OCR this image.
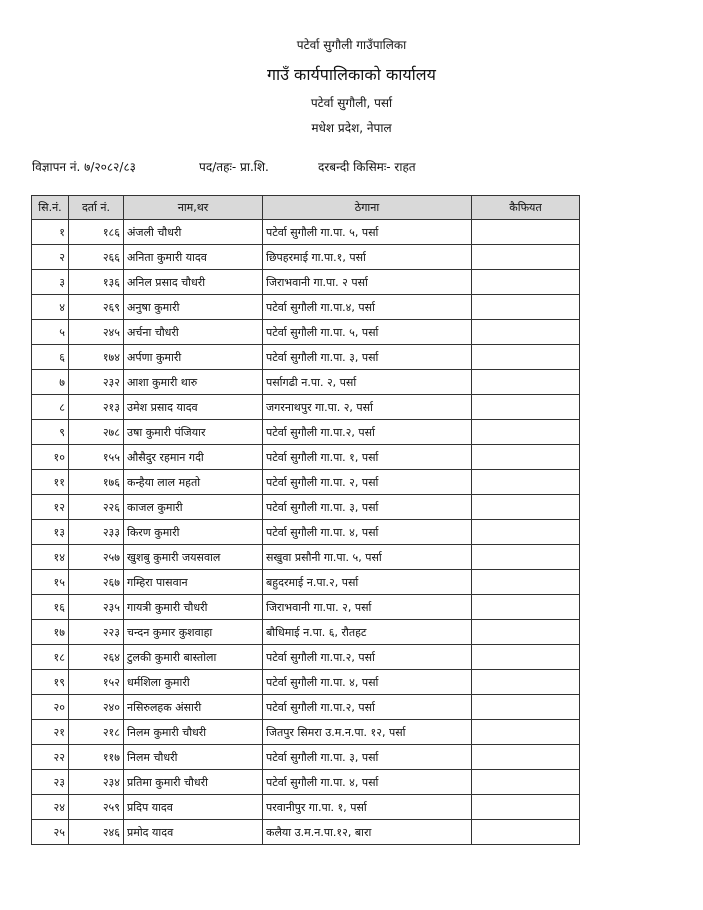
पटेर्वा सुगौली गाउँपालिका
गाउँ कार्यपालिकाको कार्यालय
पटेर्वा सुगौली, पर्सा
मधेश प्रदेश, नेपाल
विज्ञापन नं. ७/२०८२/८३	पद/तहः- प्रा.शि.	दरबन्दी किसिमः- राहत
सि.नं.	दर्ता नं.	नाम,थर	ठेगाना	कैफियत
१	१८६	अंजली चौधरी	पटेर्वा सुगौली गा.पा. ५, पर्सा	
२	२६६	अनिता कुमारी यादव	छिपहरमाई गा.पा.१, पर्सा	
३	१३६	अनिल प्रसाद चौधरी	जिराभवानी गा.पा. २ पर्सा	
४	२६९	अनुषा कुमारी	पटेर्वा सुगौली गा.पा.४, पर्सा	
५	२४५	अर्चना चौधरी	पटेर्वा सुगौली गा.पा. ५, पर्सा	
६	१७४	अर्पणा कुमारी	पटेर्वा सुगौली गा.पा. ३, पर्सा	
७	२३२	आशा कुमारी थारु	पर्सागढी न.पा. २, पर्सा	
८	२१३	उमेश प्रसाद यादव	जगरनाथपुर गा.पा. २, पर्सा	
९	२७८	उषा कुमारी पंजियार	पटेर्वा सुगौली गा.पा.२, पर्सा	
१०	१५५	औसैदुर रहमान गदी	पटेर्वा सुगौली गा.पा. १, पर्सा	
११	१७६	कन्हैया लाल महतो	पटेर्वा सुगौली गा.पा. २, पर्सा	
१२	२२६	काजल कुमारी	पटेर्वा सुगौली गा.पा. ३, पर्सा	
१३	२३३	किरण कुमारी	पटेर्वा सुगौली गा.पा. ४, पर्सा	
१४	२५७	खुशबु कुमारी जयसवाल	सखुवा प्रसौनी गा.पा. ५, पर्सा	
१५	२६७	गम्हिरा पासवान	बहुदरमाई न.पा.२, पर्सा	
१६	२३५	गायत्री कुमारी चौधरी	जिराभवानी गा.पा. २, पर्सा	
१७	२२३	चन्दन कुमार कुशवाहा	बौधिमाई न.पा. ६, रौतहट	
१८	२६४	टुलकी कुमारी बास्तोला	पटेर्वा सुगौली गा.पा.२, पर्सा	
१९	१५२	धर्मशिला कुमारी	पटेर्वा सुगौली गा.पा. ४, पर्सा	
२०	२४०	नसिरुलहक अंसारी	पटेर्वा सुगौली गा.पा.२, पर्सा	
२१	२१८	निलम कुमारी चौधरी	जितपुर सिमरा उ.म.न.पा. १२, पर्सा	
२२	११७	निलम चौधरी	पटेर्वा सुगौली गा.पा. ३, पर्सा	
२३	२३४	प्रतिमा कुमारी चौधरी	पटेर्वा सुगौली गा.पा. ४, पर्सा	
२४	२५९	प्रदिप यादव	परवानीपुर गा.पा. १, पर्सा	
२५	२४६	प्रमोद यादव	कलैया उ.म.न.पा.१२, बारा	
